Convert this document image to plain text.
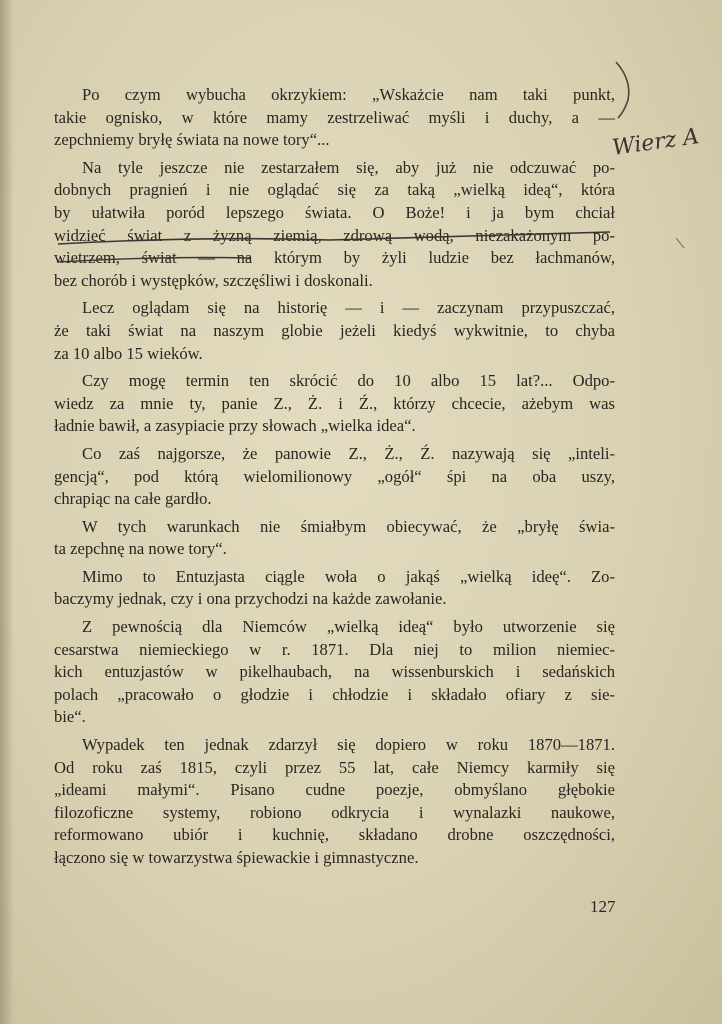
Po czym wybucha okrzykiem: „Wskażcie nam taki punkt,
takie ognisko, w które mamy zestrzeliwać myśli i duchy, a —
zepchniemy bryłę świata na nowe tory“...
Na tyle jeszcze nie zestarzałem się, aby już nie odczuwać po-
dobnych pragnień i nie oglądać się za taką „wielką ideą“, która
by ułatwiła poród lepszego świata. O Boże! i ja bym chciał
widzieć świat z żyzną ziemią, zdrową wodą, niezakażonym po-
wietrzem, świat — na którym by żyli ludzie bez łachmanów,
bez chorób i występków, szczęśliwi i doskonali.
Lecz oglądam się na historię — i — zaczynam przypuszczać,
że taki świat na naszym globie jeżeli kiedyś wykwitnie, to chyba
za 10 albo 15 wieków.
Czy mogę termin ten skrócić do 10 albo 15 lat?... Odpo-
wiedz za mnie ty, panie Z., Ż. i Ź., którzy chcecie, ażebym was
ładnie bawił, a zasypiacie przy słowach „wielka idea“.
Co zaś najgorsze, że panowie Z., Ż., Ź. nazywają się „inteli-
gencją“, pod którą wielomilionowy „ogół“ śpi na oba uszy,
chrapiąc na całe gardło.
W tych warunkach nie śmiałbym obiecywać, że „bryłę świa-
ta zepchnę na nowe tory“.
Mimo to Entuzjasta ciągle woła o jakąś „wielką ideę“. Zo-
baczymy jednak, czy i ona przychodzi na każde zawołanie.
Z pewnością dla Niemców „wielką ideą“ było utworzenie się
cesarstwa niemieckiego w r. 1871. Dla niej to milion niemiec-
kich entuzjastów w pikelhaubach, na wissenburskich i sedańskich
polach „pracowało o głodzie i chłodzie i składało ofiary z sie-
bie“.
Wypadek ten jednak zdarzył się dopiero w roku 1870—1871.
Od roku zaś 1815, czyli przez 55 lat, całe Niemcy karmiły się
„ideami małymi“. Pisano cudne poezje, obmyślano głębokie
filozoficzne systemy, robiono odkrycia i wynalazki naukowe,
reformowano ubiór i kuchnię, składano drobne oszczędności,
łączono się w towarzystwa śpiewackie i gimnastyczne.
Wierz A
127
